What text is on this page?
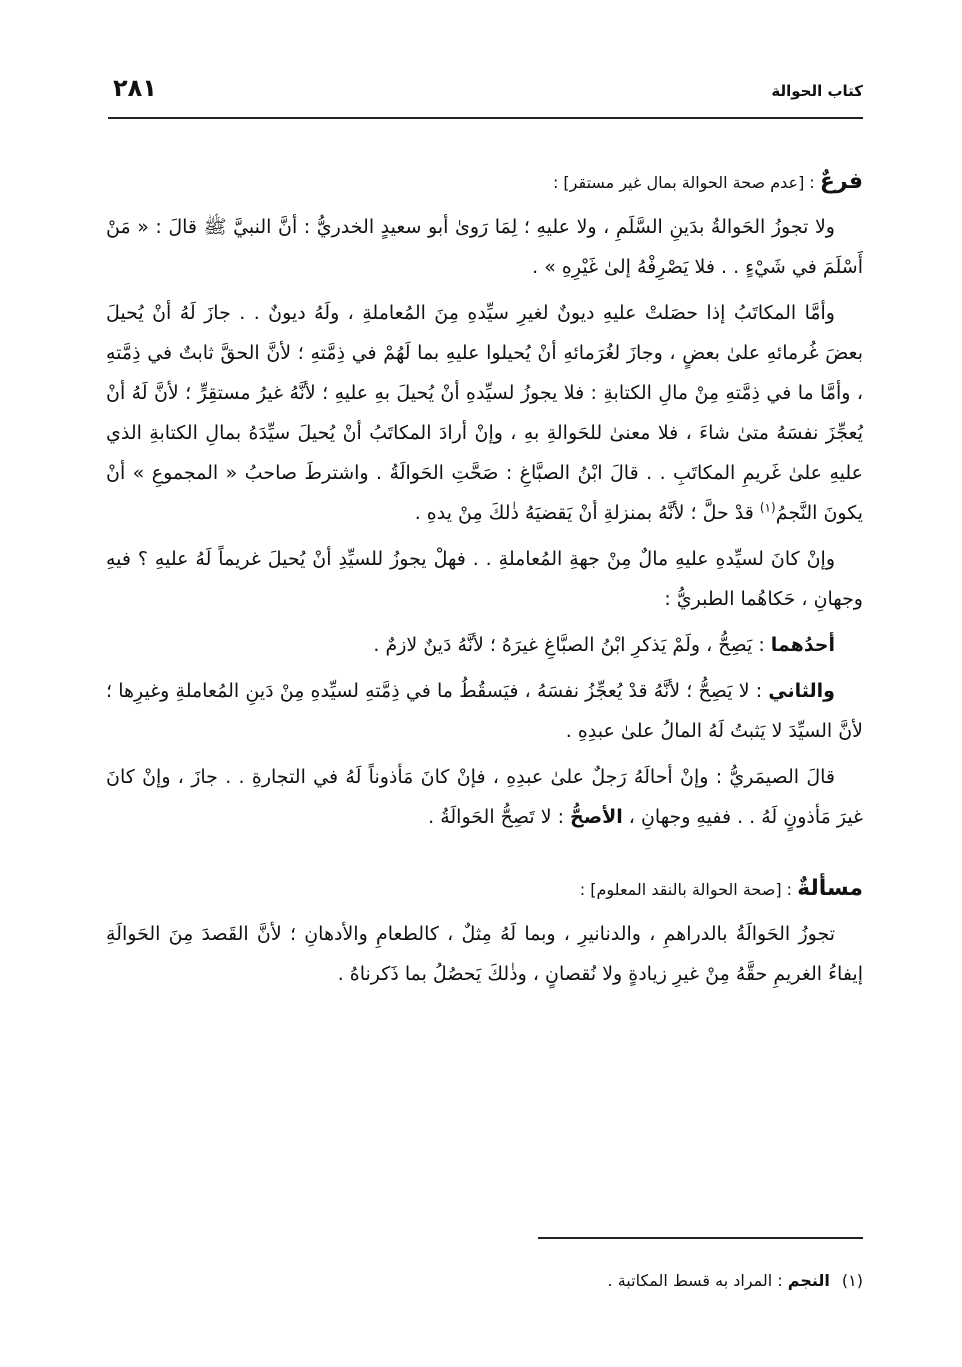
كتاب الحوالة
٢٨١
فرعٌ : [عدم صحة الحوالة بمال غير مستقر] :

ولا تجوزُ الحَوالةُ بدَينِ السَّلَمِ ، ولا عليهِ ؛ لِمَا رَوىٰ أبو سعيدٍ الخدريُّ : أنَّ النبيَّ ﷺ قالَ : « مَنْ أَسْلَمَ في شَيْءٍ . . فلا يَصْرِفْهُ إلىٰ غَيْرِهِ » .

وأمَّا المكاتَبُ إذا حصَلتْ عليهِ ديونٌ لغيرِ سيِّدهِ مِنَ المُعاملةِ ، ولَهُ ديونٌ . . جازَ لَهُ أنْ يُحيلَ بعضَ غُرمائهِ علىٰ بعضٍ ، وجازَ لغُرَمائهِ أنْ يُحيلوا عليهِ بما لَهُمْ في ذِمَّتهِ ؛ لأنَّ الحقَّ ثابتٌ في ذِمَّتهِ ، وأمَّا ما في ذِمَّتهِ مِنْ مالِ الكتابةِ : فلا يجوزُ لسيِّدهِ أنْ يُحيلَ بهِ عليهِ ؛ لأنَّهُ غيرُ مستقِرٍّ ؛ لأنَّ لَهُ أنْ يُعجِّزَ نفسَهُ متىٰ شاءَ ، فلا معنىٰ للحَوالةِ بهِ ، وإنْ أرادَ المكاتَبُ أنْ يُحيلَ سيِّدَهُ بمالِ الكتابةِ الذي عليهِ علىٰ غَريمِ المكاتَبِ . . قالَ ابْنُ الصبَّاغِ : صَحَّتِ الحَوالَةُ . واشترطَ صاحبُ « المجموعِ » أنْ يكونَ النَّجمُ$^{(١)}$ قدْ حلَّ ؛ لأنَّهُ بمنزلةِ أنْ يَقضيَهُ ذٰلكَ مِنْ يدهِ .

وإنْ كانَ لسيِّدهِ عليهِ مالٌ مِنْ جهةِ المُعاملةِ . . فهلْ يجوزُ للسيِّدِ أنْ يُحيلَ غريماً لَهُ عليهِ ؟ فيهِ وجهانِ ، حَكاهُما الطبريُّ :

أحدُهما : يَصِحُّ ، ولَمْ يَذكرِ ابْنُ الصبَّاغِ غيرَهُ ؛ لأنَّهُ دَينٌ لازمٌ .

والثاني : لا يَصِحُّ ؛ لأنَّهُ قدْ يُعجِّزُ نفسَهُ ، فيَسقُطُ ما في ذِمَّتهِ لسيِّدهِ مِنْ دَينِ المُعاملةِ وغيرِها ؛ لأنَّ السيِّدَ لا يَثبتُ لَهُ المالُ علىٰ عبدِهِ .

قالَ الصيمَريُّ : وإنْ أحالَهُ رَجلٌ علىٰ عبدِهِ ، فإنْ كانَ مَأذوناً لَهُ في التجارةِ . . جازَ ، وإنْ كانَ غيرَ مَأذونٍ لَهُ . . ففيهِ وجهانِ ، الأصحُّ : لا تَصِحُّ الحَوالَةُ .

مسألةٌ : [صحة الحوالة بالنقد المعلوم] :

تجوزُ الحَوالَةُ بالدراهمِ ، والدنانيرِ ، وبما لَهُ مِثلٌ ، كالطعامِ والأدهانِ ؛ لأنَّ القَصدَ مِنَ الحَوالَةِ إيفاءُ الغريمِ حقَّهُ مِنْ غيرِ زيادةٍ ولا نُقصانٍ ، وذٰلكَ يَحصُلُ بما ذَكرناهُ .

(١)النجم : المراد به قسط المكاتبة .
